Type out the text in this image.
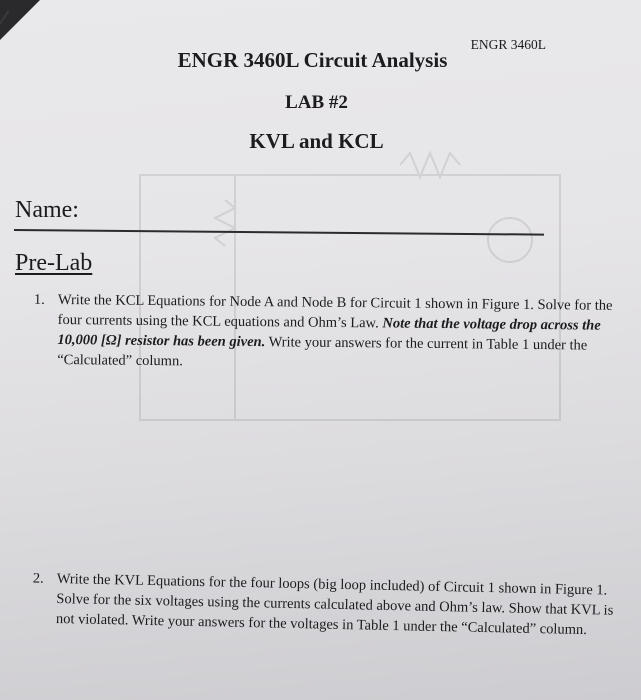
ENGR 3460L
ENGR 3460L Circuit Analysis
LAB #2
KVL and KCL
Name:
Pre-Lab
1. Write the KCL Equations for Node A and Node B for Circuit 1 shown in Figure 1. Solve for the four currents using the KCL equations and Ohm’s Law. Note that the voltage drop across the 10,000 [Ω] resistor has been given. Write your answers for the current in Table 1 under the “Calculated” column.
2. Write the KVL Equations for the four loops (big loop included) of Circuit 1 shown in Figure 1. Solve for the six voltages using the currents calculated above and Ohm’s law. Show that KVL is not violated. Write your answers for the voltages in Table 1 under the “Calculated” column.
